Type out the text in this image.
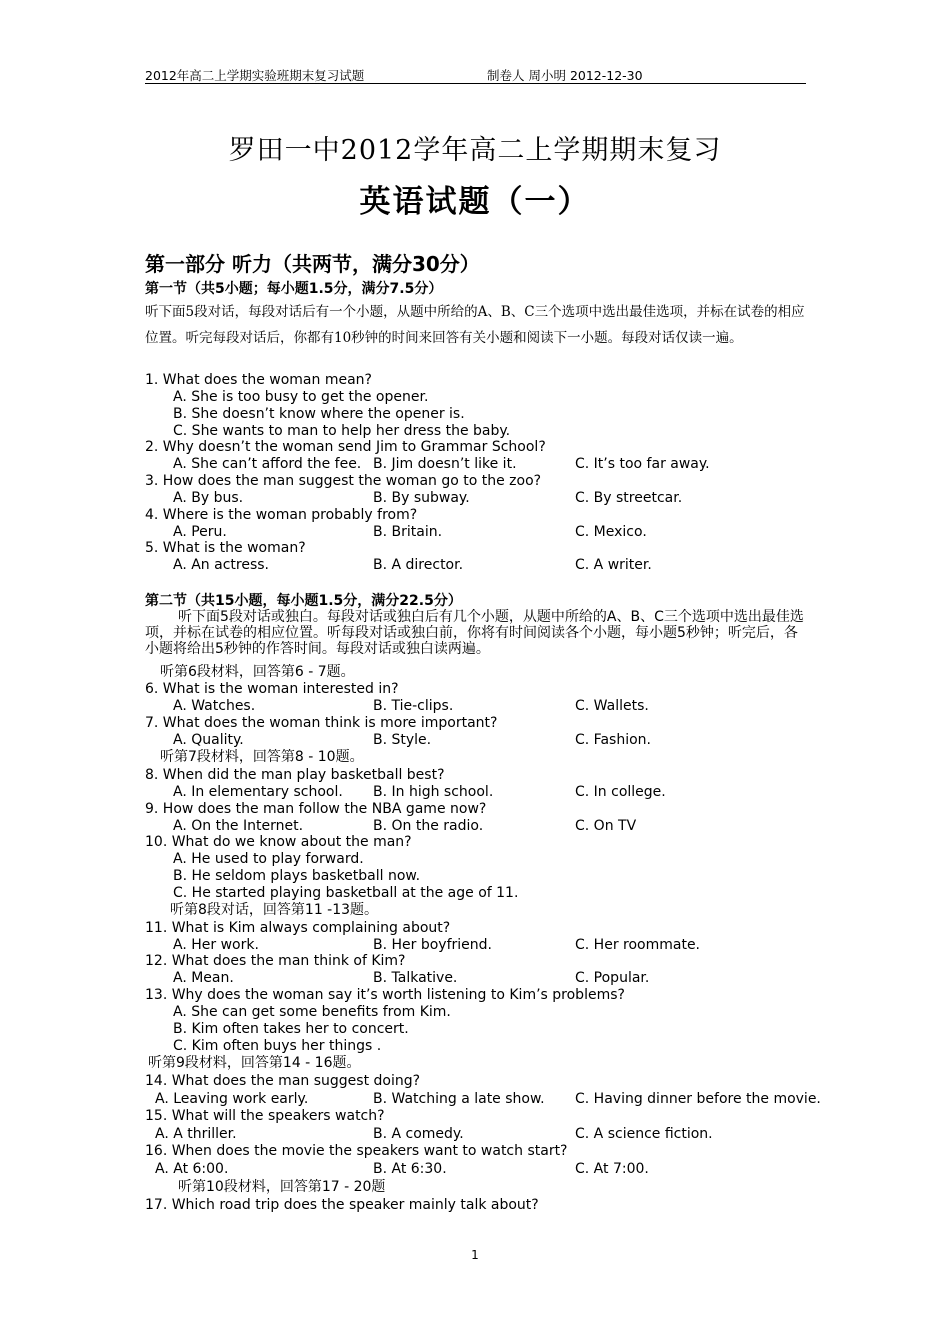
2012年高二上学期实验班期末复习试题	制卷人 周小明 2012-12-30
罗田一中2012学年高二上学期期末复习
英语试题（一）
第一部分 听力（共两节，满分30分）
第一节（共5小题；每小题1.5分，满分7.5分）
听下面5段对话，每段对话后有一个小题，从题中所给的A、B、C三个选项中选出最佳选项，并标在试卷的相应位置。听完每段对话后，你都有10秒钟的时间来回答有关小题和阅读下一小题。每段对话仅读一遍。
1. What does the woman mean?
A. She is too busy to get the opener.
B. She doesn’t know where the opener is.
C. She wants to man to help her dress the baby.
2. Why doesn’t the woman send Jim to Grammar School?
A. She can’t afford the fee. B. Jim doesn’t like it.	C. It’s too far away.
3. How does the man suggest the woman go to the zoo?
A. By bus.	B. By subway.	C. By streetcar.
4. Where is the woman probably from?
A. Peru.	B. Britain.	C. Mexico.
5. What is the woman?
A. An actress.	B. A director.	C. A writer.
第二节（共15小题，每小题1.5分，满分22.5分）
听下面5段对话或独白。每段对话或独白后有几个小题，从题中所给的A、B、C三个选项中选出最佳选项，并标在试卷的相应位置。听每段对话或独白前，你将有时间阅读各个小题，每小题5秒钟；听完后，各小题将给出5秒钟的作答时间。每段对话或独白读两遍。
听第6段材料，回答第6 - 7题。
6. What is the woman interested in?
A. Watches.	B. Tie-clips.	C. Wallets.
7. What does the woman think is more important?
A. Quality.	B. Style.	C. Fashion.
听第7段材料，回答第8 - 10题。
8. When did the man play basketball best?
A. In elementary school. B. In high school.	C. In college.
9. How does the man follow the NBA game now?
A. On the Internet.	B. On the radio.	C. On TV
10. What do we know about the man?
A. He used to play forward.
B. He seldom plays basketball now.
C. He started playing basketball at the age of 11.
听第8段对话，回答第11 -13题。
11. What is Kim always complaining about?
A. Her work.	B. Her boyfriend.	C. Her roommate.
12. What does the man think of Kim?
A. Mean.	B. Talkative.	C. Popular.
13. Why does the woman say it’s worth listening to Kim’s problems?
A. She can get some benefits from Kim.
B. Kim often takes her to concert.
C. Kim often buys her things .
听第9段材料，回答第14 - 16题。
14. What does the man suggest doing?
A. Leaving work early.	B. Watching a late show. C. Having dinner before the movie.
15. What will the speakers watch?
A. A thriller.	B. A comedy.	C. A science fiction.
16. When does the movie the speakers want to watch start?
A. At 6:00.	B. At 6:30.	C. At 7:00.
听第10段材料，回答第17 - 20题
17. Which road trip does the speaker mainly talk about?
1
